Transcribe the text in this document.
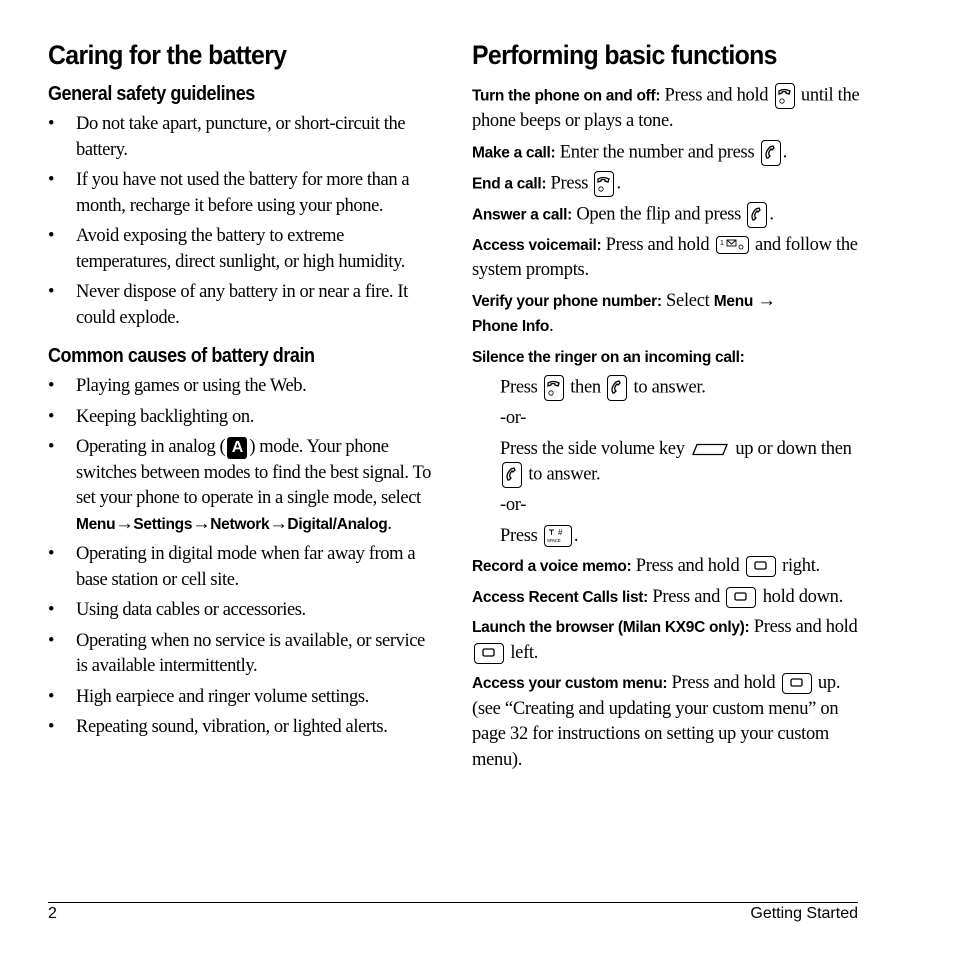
Caring for the battery
General safety guidelines
• Do not take apart, puncture, or short-circuit the battery.
• If you have not used the battery for more than a month, recharge it before using your phone.
• Avoid exposing the battery to extreme temperatures, direct sunlight, or high humidity.
• Never dispose of any battery in or near a fire. It could explode.
Common causes of battery drain
• Playing games or using the Web.
• Keeping backlighting on.
• Operating in analog ( A ) mode. Your phone switches between modes to find the best signal. To set your phone to operate in a single mode, select Menu→Settings→Network→Digital/Analog.
• Operating in digital mode when far away from a base station or cell site.
• Using data cables or accessories.
• Operating when no service is available, or service is available intermittently.
• High earpiece and ringer volume settings.
• Repeating sound, vibration, or lighted alerts.
Performing basic functions

Turn the phone on and off: Press and hold
until the phone beeps or plays a tone.

Make a call: Enter the number and press
.

End a call: Press
.

Answer a call: Open the flip and press
.

Access voicemail: Press and hold 1 and follow the system prompts.

Verify your phone number: Select Menu →
Phone Info.

Silence the ringer on an incoming call:

Press
then
to answer.

-or-

Press the side volume key
up or down then
to answer.

-or-

Press #
SPACE .

Record a voice memo: Press and hold
right.

Access Recent Calls list: Press and
hold down.

Launch the browser (Milan KX9C only): Press and hold
left.

Access your custom menu: Press and hold
up. (see “Creating and updating your custom menu” on page 32 for instructions on setting up your custom menu).

2	Getting Started
